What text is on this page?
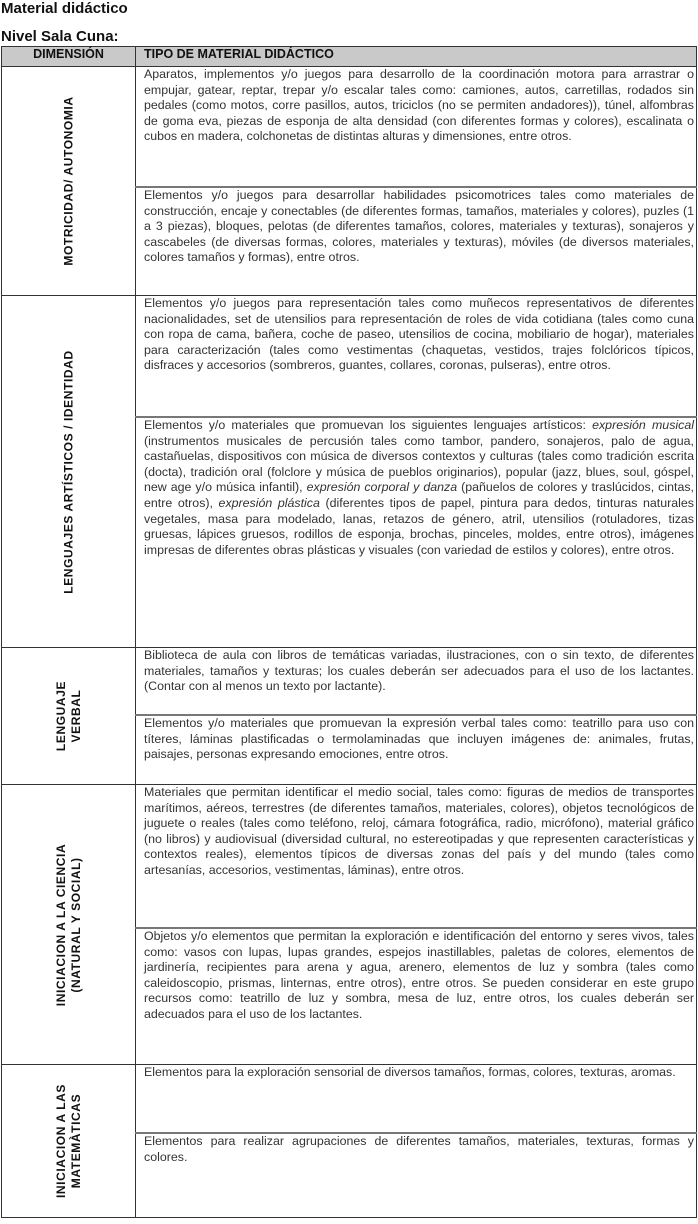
Material didáctico
Nivel Sala Cuna:
DIMENSIÓN	TIPO DE MATERIAL DIDÁCTICO

MOTRICIDAD/ AUTONOMIA	Aparatos, implementos y/o juegos para desarrollo de la coordinación motora para arrastrar o empujar, gatear, reptar, trepar y/o escalar tales como: camiones, autos, carretillas, rodados sin pedales (como motos, corre pasillos, autos, triciclos (no se permiten andadores)), túnel, alfombras de goma eva, piezas de esponja de alta densidad (con diferentes formas y colores), escalinata o cubos en madera, colchonetas de distintas alturas y dimensiones, entre otros.
	Elementos y/o juegos para desarrollar habilidades psicomotrices tales como materiales de construcción, encaje y conectables (de diferentes formas, tamaños, materiales y colores), puzles (1 a 3 piezas), bloques, pelotas (de diferentes tamaños, colores, materiales y texturas), sonajeros y cascabeles (de diversas formas, colores, materiales y texturas), móviles (de diversos materiales, colores tamaños y formas), entre otros.

LENGUAJES ARTÍSTICOS / IDENTIDAD	Elementos y/o juegos para representación tales como muñecos representativos de diferentes nacionalidades, set de utensilios para representación de roles de vida cotidiana (tales como cuna con ropa de cama, bañera, coche de paseo, utensilios de cocina, mobiliario de hogar), materiales para caracterización (tales como vestimentas (chaquetas, vestidos, trajes folclóricos típicos, disfraces y accesorios (sombreros, guantes, collares, coronas, pulseras), entre otros.
	Elementos y/o materiales que promuevan los siguientes lenguajes artísticos: expresión musical (instrumentos musicales de percusión tales como tambor, pandero, sonajeros, palo de agua, castañuelas, dispositivos con música de diversos contextos y culturas (tales como tradición escrita (docta), tradición oral (folclore y música de pueblos originarios), popular (jazz, blues, soul, góspel, new age y/o música infantil), expresión corporal y danza (pañuelos de colores y traslúcidos, cintas, entre otros), expresión plástica (diferentes tipos de papel, pintura para dedos, tinturas naturales vegetales, masa para modelado, lanas, retazos de género, atril, utensilios (rotuladores, tizas gruesas, lápices gruesos, rodillos de esponja, brochas, pinceles, moldes, entre otros), imágenes impresas de diferentes obras plásticas y visuales (con variedad de estilos y colores), entre otros.

LENGUAJE
VERBAL	Biblioteca de aula con libros de temáticas variadas, ilustraciones, con o sin texto, de diferentes materiales, tamaños y texturas; los cuales deberán ser adecuados para el uso de los lactantes. (Contar con al menos un texto por lactante).
	Elementos y/o materiales que promuevan la expresión verbal tales como: teatrillo para uso con títeres, láminas plastificadas o termolaminadas que incluyen imágenes de: animales, frutas, paisajes, personas expresando emociones, entre otros.

INICIACION A LA CIENCIA
(NATURAL Y SOCIAL)	Materiales que permitan identificar el medio social, tales como: figuras de medios de transportes marítimos, aéreos, terrestres (de diferentes tamaños, materiales, colores), objetos tecnológicos de juguete o reales (tales como teléfono, reloj, cámara fotográfica, radio, micrófono), material gráfico (no libros) y audiovisual (diversidad cultural, no estereotipadas y que representen características y contextos reales), elementos típicos de diversas zonas del país y del mundo (tales como artesanías, accesorios, vestimentas, láminas), entre otros.
	Objetos y/o elementos que permitan la exploración e identificación del entorno y seres vivos, tales como: vasos con lupas, lupas grandes, espejos inastillables, paletas de colores, elementos de jardinería, recipientes para arena y agua, arenero, elementos de luz y sombra (tales como caleidoscopio, prismas, linternas, entre otros), entre otros. Se pueden considerar en este grupo recursos como: teatrillo de luz y sombra, mesa de luz, entre otros, los cuales deberán ser adecuados para el uso de los lactantes.

INICIACION A LAS
MATEMÀTICAS	Elementos para la exploración sensorial de diversos tamaños, formas, colores, texturas, aromas.
	Elementos para realizar agrupaciones de diferentes tamaños, materiales, texturas, formas y colores.
